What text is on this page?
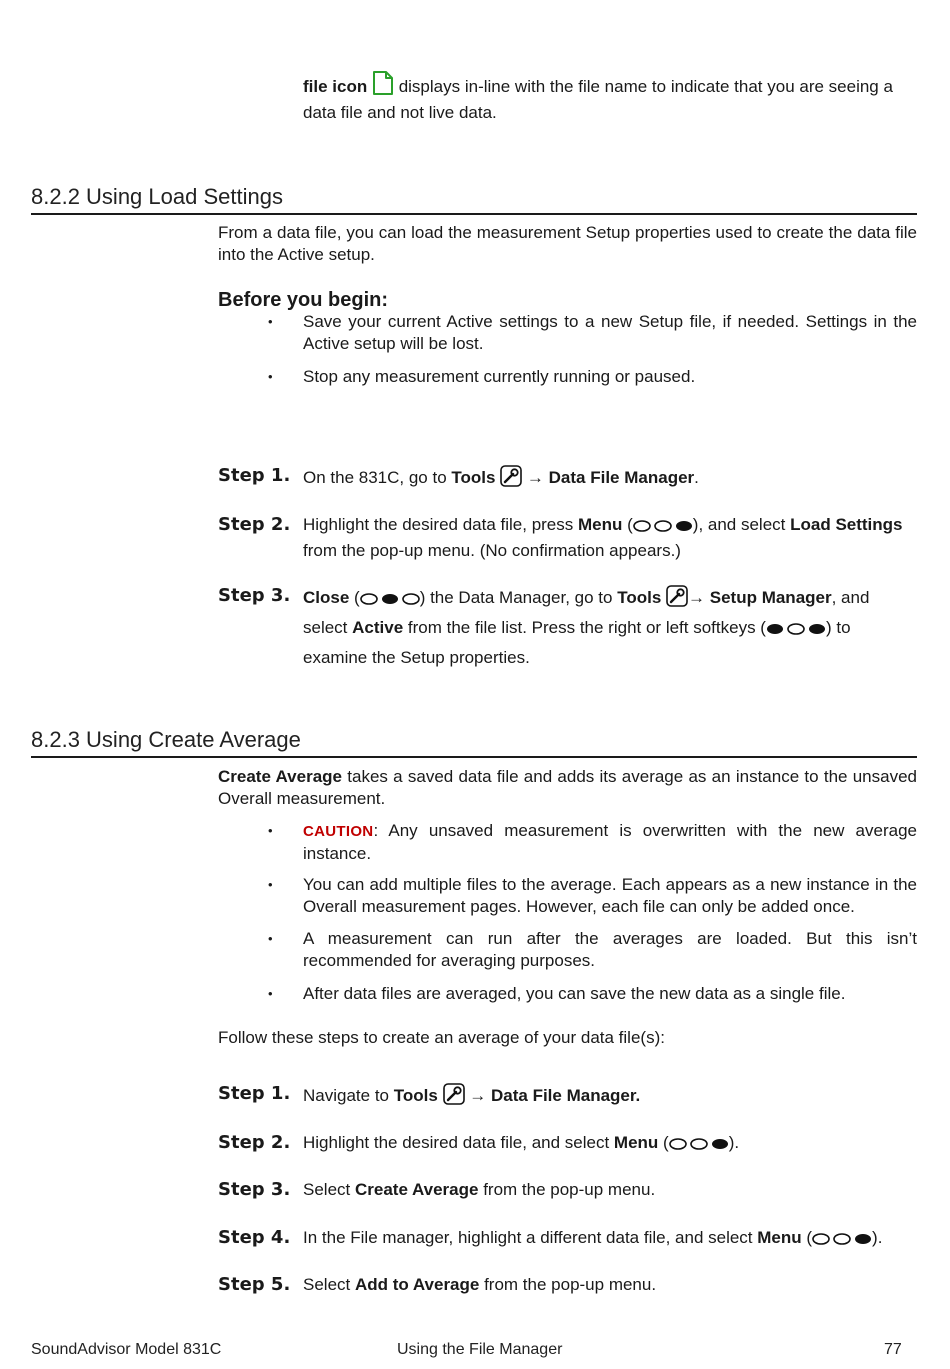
file icon  displays in-line with the file name to indicate that you are seeing a data file and not live data.
8.2.2 Using Load Settings
From a data file, you can load the measurement Setup properties used to create the data file into the Active setup.
Before you begin:
•	Save your current Active settings to a new Setup file, if needed. Settings in the Active setup will be lost.
•	Stop any measurement currently running or paused.
Step 1. On the 831C, go to Tools  → Data File Manager.
Step 2. Highlight the desired data file, press Menu (	), and select Load Settings from the pop-up menu. (No confirmation appears.)
Step 3. Close (	) the Data Manager, go to Tools → Setup Manager, and select Active from the file list. Press the right or left softkeys (	) to examine the Setup properties.
8.2.3 Using Create Average
Create Average takes a saved data file and adds its average as an instance to the unsaved Overall measurement.
•	CAUTION: Any unsaved measurement is overwritten with the new average instance.
•	You can add multiple files to the average. Each appears as a new instance in the Overall measurement pages. However, each file can only be added once.
•	A measurement can run after the averages are loaded. But this isn’t recommended for averaging purposes.
•	After data files are averaged, you can save the new data as a single file.
Follow these steps to create an average of your data file(s):
Step 1. Navigate to Tools  → Data File Manager.
Step 2. Highlight the desired data file, and select Menu (	).
Step 3. Select Create Average from the pop-up menu.
Step 4. In the File manager, highlight a different data file, and select Menu (	).
Step 5. Select Add to Average from the pop-up menu.
SoundAdvisor Model 831C	Using the File Manager	77
